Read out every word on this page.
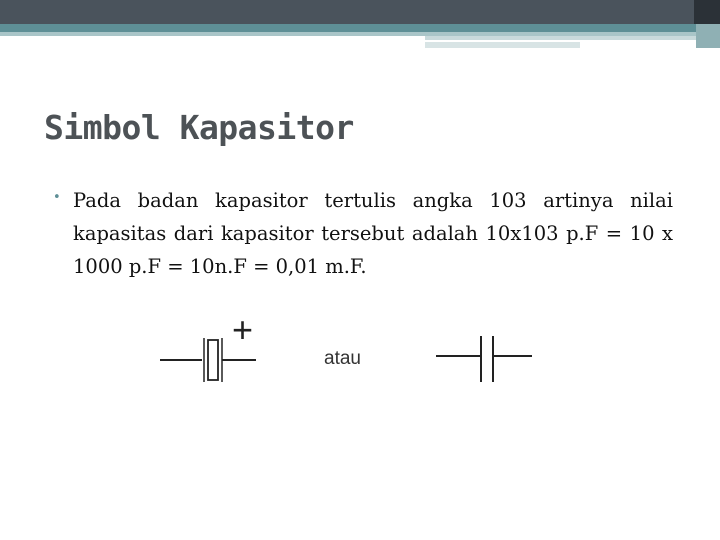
Simbol Kapasitor
• Pada badan kapasitor tertulis angka 103 artinya nilai kapasitas dari kapasitor tersebut adalah 10x103 p.F = 10 x 1000 p.F = 10n.F = 0,01 m.F.
+
atau
